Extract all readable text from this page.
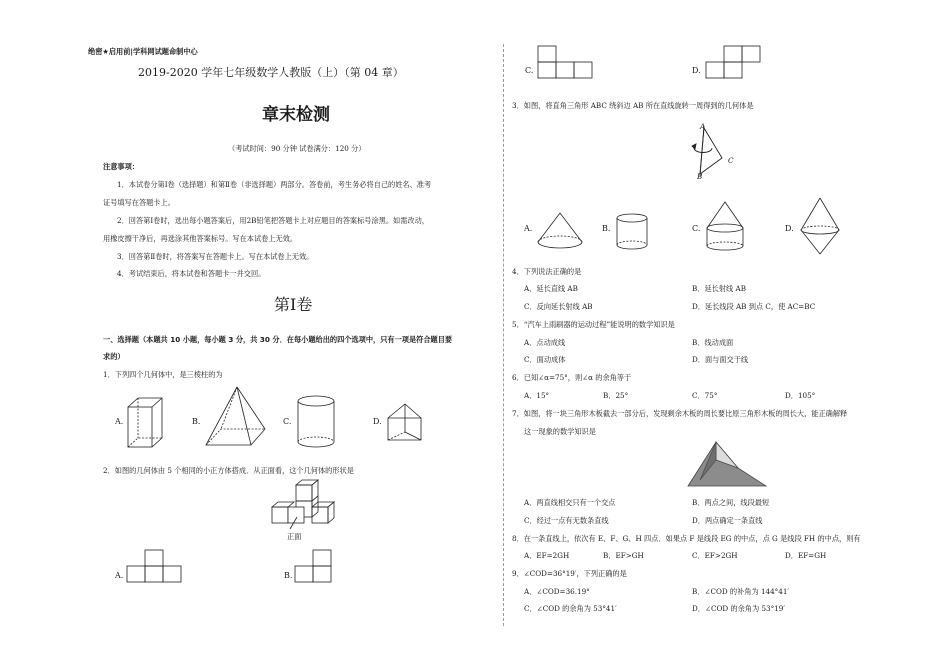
绝密★启用前|学科网试题命制中心
2019-2020 学年七年级数学人教版（上）（第 04 章）
章末检测
（考试时间：90 分钟 试卷满分：120 分）
注意事项：
1．本试卷分第Ⅰ卷（选择题）和第Ⅱ卷（非选择题）两部分。答卷前，考生务必将自己的姓名、准考
证号填写在答题卡上。
2．回答第Ⅰ卷时，选出每小题答案后，用2B铅笔把答题卡上对应题目的答案标号涂黑。如需改动，
用橡皮擦干净后，再选涂其他答案标号。写在本试卷上无效。
3．回答第Ⅱ卷时，将答案写在答题卡上。写在本试卷上无效。
4．考试结束后，将本试卷和答题卡一并交回。
第Ⅰ卷
一、选择题（本题共 10 小题，每小题 3 分，共 30 分．在每小题给出的四个选项中，只有一项是符合题目要
求的）
1．下列四个几何体中，是三棱柱的为
A.	B.	C.	D.
2．如图的几何体由 5 个相同的小正方体搭成．从正面看，这个几何体的形状是
正面
A.	B.
C.	D.
3．如图，将直角三角形 ABC 绕斜边 AB 所在直线旋转一周得到的几何体是
A
B
C
A.	B.	C.	D.
4．下列说法正确的是
A．延长直线 AB	B．延长射线 AB
C．反向延长射线 AB	D．延长线段 AB 到点 C，使 AC=BC
5．“汽车上雨刷器的运动过程”能说明的数学知识是
A．点动成线	B．线动成面
C．面动成体	D．面与面交于线
6．已知∠α=75°，则∠α 的余角等于
A．15°	B．25°	C．75°	D．105°
7．如图，将一块三角形木板截去一部分后，发现剩余木板的周长要比原三角形木板的周长大，能正确解释
这一现象的数学知识是
A．两直线相交只有一个交点	B．两点之间，线段最短
C．经过一点有无数条直线	D．两点确定一条直线
8．在一条直线上，依次有 E、F、G、H 四点．如果点 F 是线段 EG 的中点，点 G 是线段 FH 的中点，则有
A．EF=2GH	B．EF>GH	C．EF>2GH	D．EF=GH
9．∠COD=36°19′，下列正确的是
A．∠COD=36.19°	B．∠COD 的补角为 144°41′
C．∠COD 的余角为 53°41′	D．∠COD 的余角为 53°19′
